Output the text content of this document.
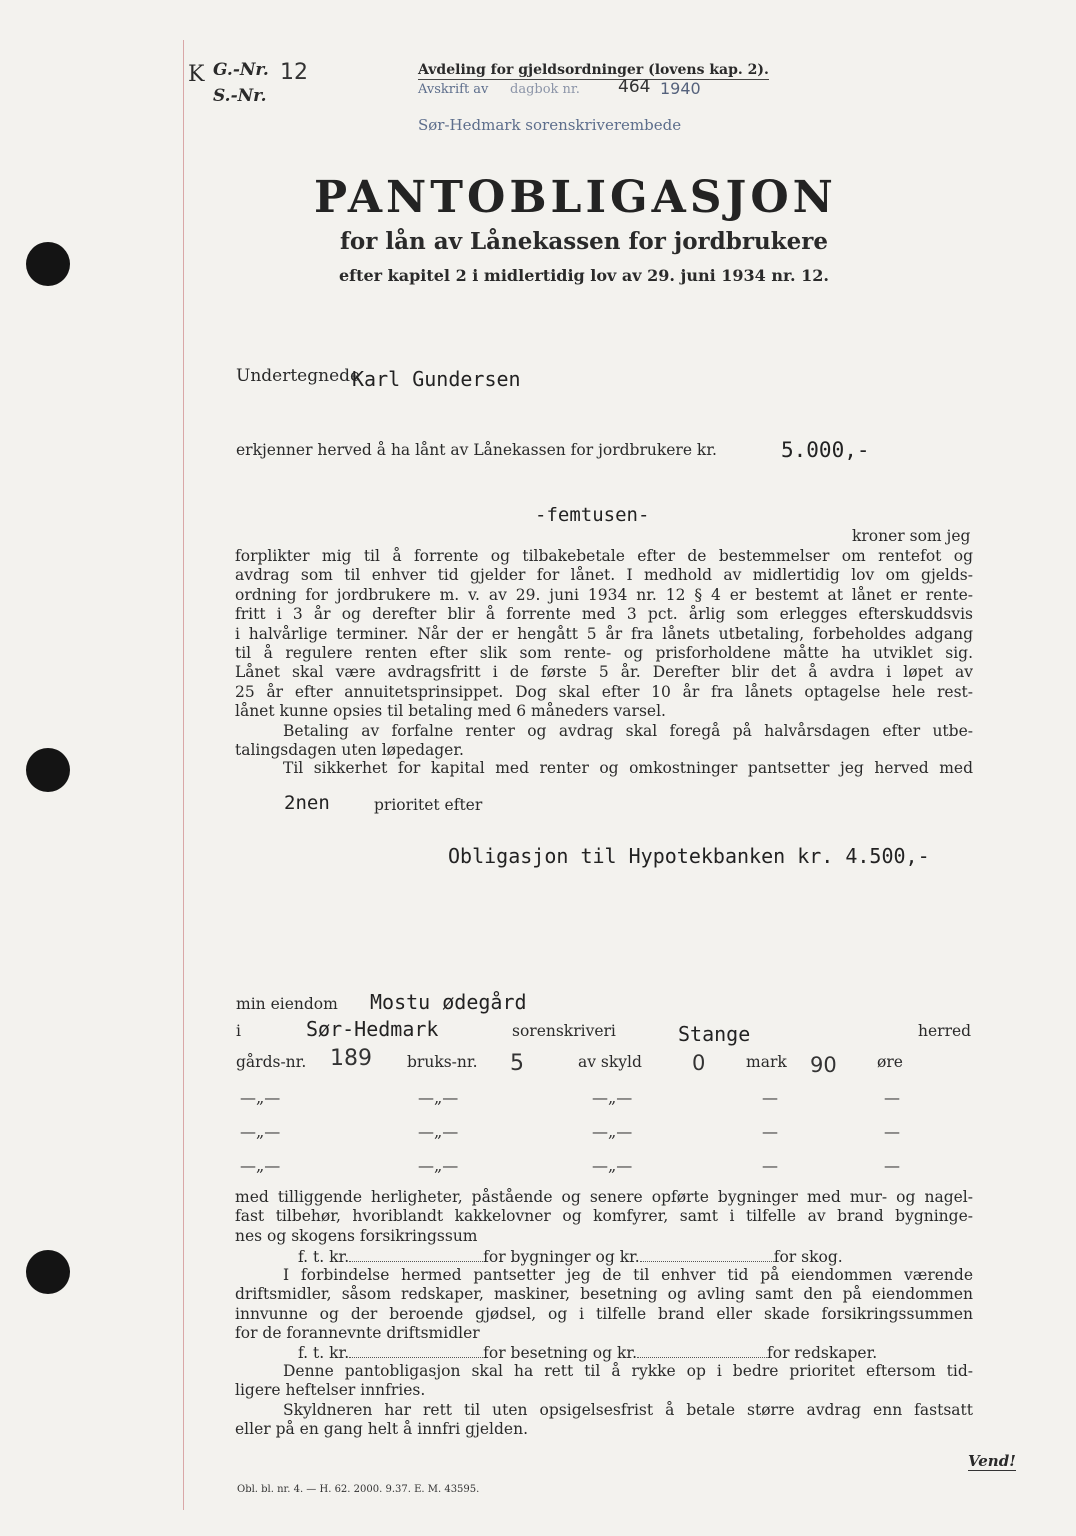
K G.-Nr. 12
S.-Nr.
Avdeling for gjeldsordninger (lovens kap. 2).
Avskrift av dagbok nr. 464 1940
Sør-Hedmark sorenskriverembede
PANTOBLIGASJON
for lån av Lånekassen for jordbrukere
efter kapitel 2 i midlertidig lov av 29. juni 1934 nr. 12.
Undertegnede
Karl Gundersen
erkjenner herved å ha lånt av Lånekassen for jordbrukere kr.	5.000,-
-femtusen-
kroner som jeg
forplikter mig til å forrente og tilbakebetale efter de bestemmelser om rentefot og
avdrag som til enhver tid gjelder for lånet. I medhold av midlertidig lov om gjelds-
ordning for jordbrukere m. v. av 29. juni 1934 nr. 12 § 4 er bestemt at lånet er rente-
fritt i 3 år og derefter blir å forrente med 3 pct. årlig som erlegges efterskuddsvis
i halvårlige terminer. Når der er hengått 5 år fra lånets utbetaling, forbeholdes adgang
til å regulere renten efter slik som rente- og prisforholdene måtte ha utviklet sig.
Lånet skal være avdragsfritt i de første 5 år. Derefter blir det å avdra i løpet av
25 år efter annuitetsprinsippet. Dog skal efter 10 år fra lånets optagelse hele rest-
lånet kunne opsies til betaling med 6 måneders varsel.
Betaling av forfalne renter og avdrag skal foregå på halvårsdagen efter utbe-
talingsdagen uten løpedager.
Til sikkerhet for kapital med renter og omkostninger pantsetter jeg herved med
2nen	prioritet efter
Obligasjon til Hypotekbanken kr. 4.500,-
min eiendom Mostu ødegård
i	Sør-Hedmark	sorenskriveri	Stange	herred
gårds-nr. 189 bruks-nr. 5	av skyld 0	mark 90	øre
—„—	—„—	—„—	—	—
—„—	—„—	—„—	—	—
—„—	—„—	—„—	—	—
med tilliggende herligheter, påstående og senere opførte bygninger med mur- og nagel-
fast tilbehør, hvoriblandt kakkelovner og komfyrer, samt i tilfelle av brand bygninge-
nes og skogens forsikringssum
f. t. kr.	for bygninger og kr.	for skog.
I forbindelse hermed pantsetter jeg de til enhver tid på eiendommen værende
driftsmidler, såsom redskaper, maskiner, besetning og avling samt den på eiendommen
innvunne og der beroende gjødsel, og i tilfelle brand eller skade forsikringssummen
for de forannevnte driftsmidler
f. t. kr.	for besetning og kr.	for redskaper.
Denne pantobligasjon skal ha rett til å rykke op i bedre prioritet eftersom tid-
ligere heftelser innfries.
Skyldneren har rett til uten opsigelsesfrist å betale større avdrag enn fastsatt
eller på en gang helt å innfri gjelden.
Vend!
Obl. bl. nr. 4. — H. 62. 2000. 9.37. E. M. 43595.
